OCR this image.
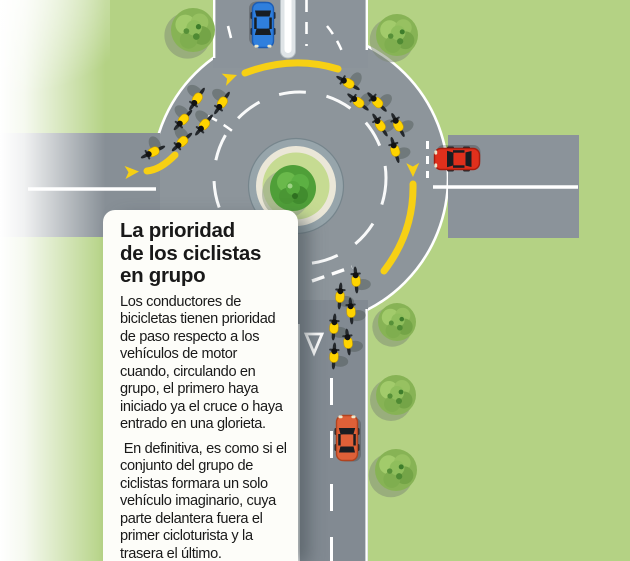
La prioridad
de los ciclistas
en grupo

Los conductores de bicicletas tienen prioridad de paso respecto a los vehículos de motor cuando, circulando en grupo, el primero haya iniciado ya el cruce o haya entrado en una glorieta.

En definitiva, es como si el conjunto del grupo de ciclistas formara un solo vehículo imaginario, cuya parte delantera fuera el primer cicloturista y la trasera el último.
